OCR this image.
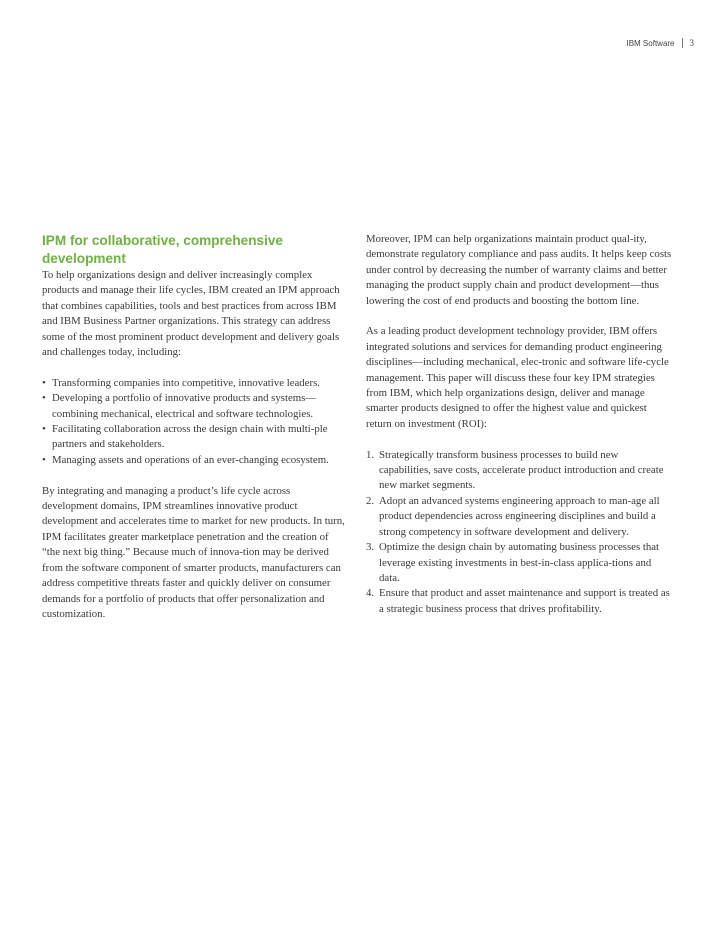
IBM Software 3
IPM for collaborative, comprehensive
development

To help organizations design and deliver increasingly complex products and manage their life cycles, IBM created an IPM approach that combines capabilities, tools and best practices from across IBM and IBM Business Partner organizations. This strategy can address some of the most prominent product development and delivery goals and challenges today, including:

• Transforming companies into competitive, innovative leaders.
• Developing a portfolio of innovative products and systems—combining mechanical, electrical and software technologies.
• Facilitating collaboration across the design chain with multi-ple partners and stakeholders.
• Managing assets and operations of an ever-changing ecosystem.

By integrating and managing a product’s life cycle across development domains, IPM streamlines innovative product development and accelerates time to market for new products. In turn, IPM facilitates greater marketplace penetration and the creation of “the next big thing.” Because much of innova-tion may be derived from the software component of smarter products, manufacturers can address competitive threats faster and quickly deliver on consumer demands for a portfolio of products that offer personalization and customization.

Moreover, IPM can help organizations maintain product qual-ity, demonstrate regulatory compliance and pass audits. It helps keep costs under control by decreasing the number of warranty claims and better managing the product supply chain and product development—thus lowering the cost of end products and boosting the bottom line.

As a leading product development technology provider, IBM offers integrated solutions and services for demanding product engineering disciplines—including mechanical, elec-tronic and software life-cycle management. This paper will discuss these four key IPM strategies from IBM, which help organizations design, deliver and manage smarter products designed to offer the highest value and quickest return on investment (ROI):

1. Strategically transform business processes to build new capabilities, save costs, accelerate product introduction and create new market segments.
2. Adopt an advanced systems engineering approach to man-age all product dependencies across engineering disciplines and build a strong competency in software development and delivery.
3. Optimize the design chain by automating business processes that leverage existing investments in best-in-class applica-tions and data.
4. Ensure that product and asset maintenance and support is treated as a strategic business process that drives profitability.
